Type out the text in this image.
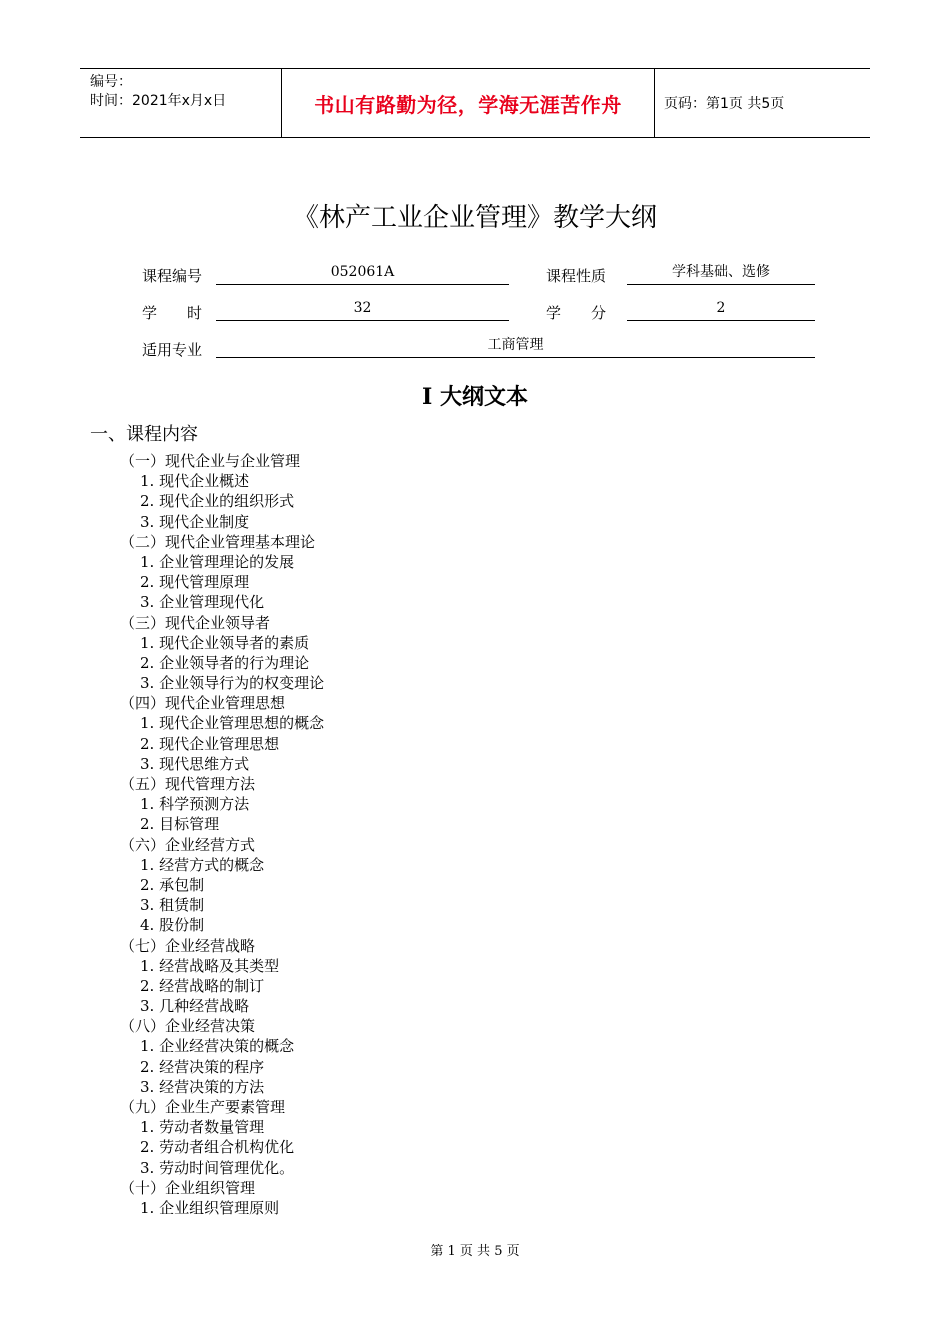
编号：
时间：2021年x月x日	书山有路勤为径，学海无涯苦作舟	页码：第1页 共5页
《林产工业企业管理》教学大纲
课程编号	052061A	课程性质	学科基础、选修
学　　时	32	学　　分	2
适用专业	工商管理
I 大纲文本
一、课程内容
（一）现代企业与企业管理
1. 现代企业概述
2. 现代企业的组织形式
3. 现代企业制度
（二）现代企业管理基本理论
1. 企业管理理论的发展
2. 现代管理原理
3. 企业管理现代化
（三）现代企业领导者
1. 现代企业领导者的素质
2. 企业领导者的行为理论
3. 企业领导行为的权变理论
（四）现代企业管理思想
1. 现代企业管理思想的概念
2. 现代企业管理思想
3. 现代思维方式
（五）现代管理方法
1. 科学预测方法
2. 目标管理
（六）企业经营方式
1. 经营方式的概念
2. 承包制
3. 租赁制
4. 股份制
（七）企业经营战略
1. 经营战略及其类型
2. 经营战略的制订
3. 几种经营战略
（八）企业经营决策
1. 企业经营决策的概念
2. 经营决策的程序
3. 经营决策的方法
（九）企业生产要素管理
1. 劳动者数量管理
2. 劳动者组合机构优化
3. 劳动时间管理优化。
（十）企业组织管理
1. 企业组织管理原则
第 1 页 共 5 页
